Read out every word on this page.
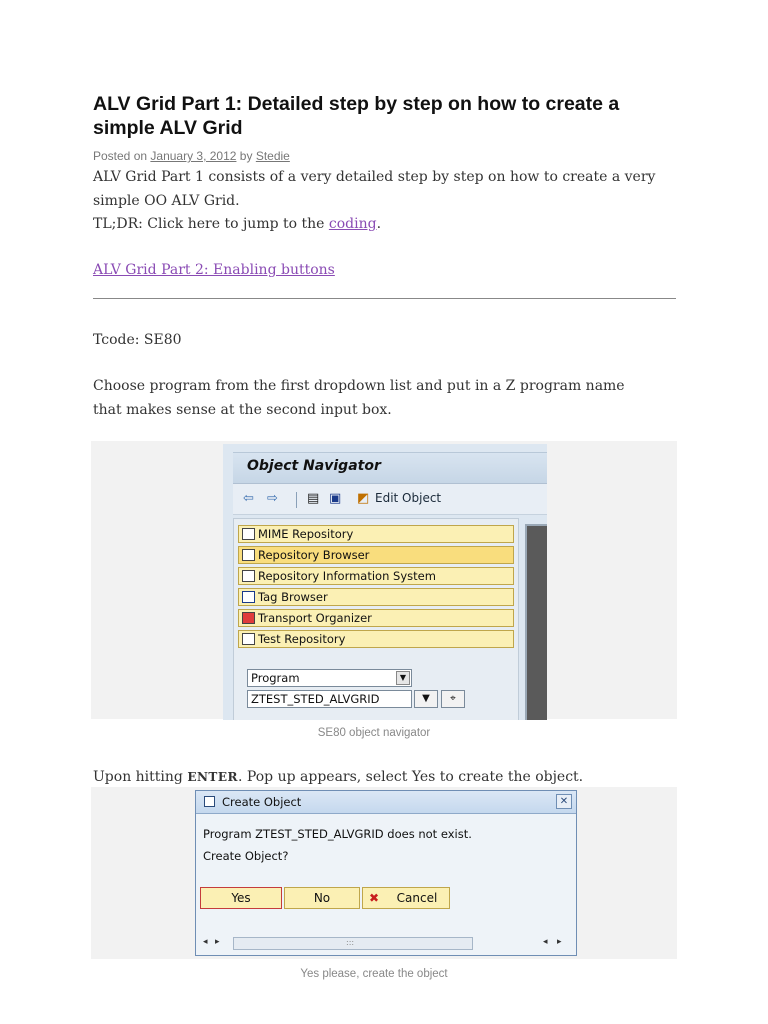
ALV Grid Part 1: Detailed step by step on how to create a simple ALV Grid
Posted on January 3, 2012 by Stedie

ALV Grid Part 1 consists of a very detailed step by step on how to create a very simple OO ALV Grid.

TL;DR: Click here to jump to the coding.

ALV Grid Part 2: Enabling buttons

Tcode: SE80

Choose program from the first dropdown list and put in a Z program name that makes sense at the second input box.

Object Navigator
⇦ ⇨ ▤ ▣ ◩ Edit Object
MIME Repository
Repository Browser
Repository Information System
Tag Browser
Transport Organizer
Test Repository
Program	▼
ZTEST_STED_ALVGRID	▼	⌖
SE80 object navigator

Upon hitting ENTER. Pop up appears, select Yes to create the object.

Create Object	✕
Program ZTEST_STED_ALVGRID does not exist.
Create Object?
Yes	No	✖ Cancel
◂ ▸	:::	◂ ▸
Yes please, create the object
